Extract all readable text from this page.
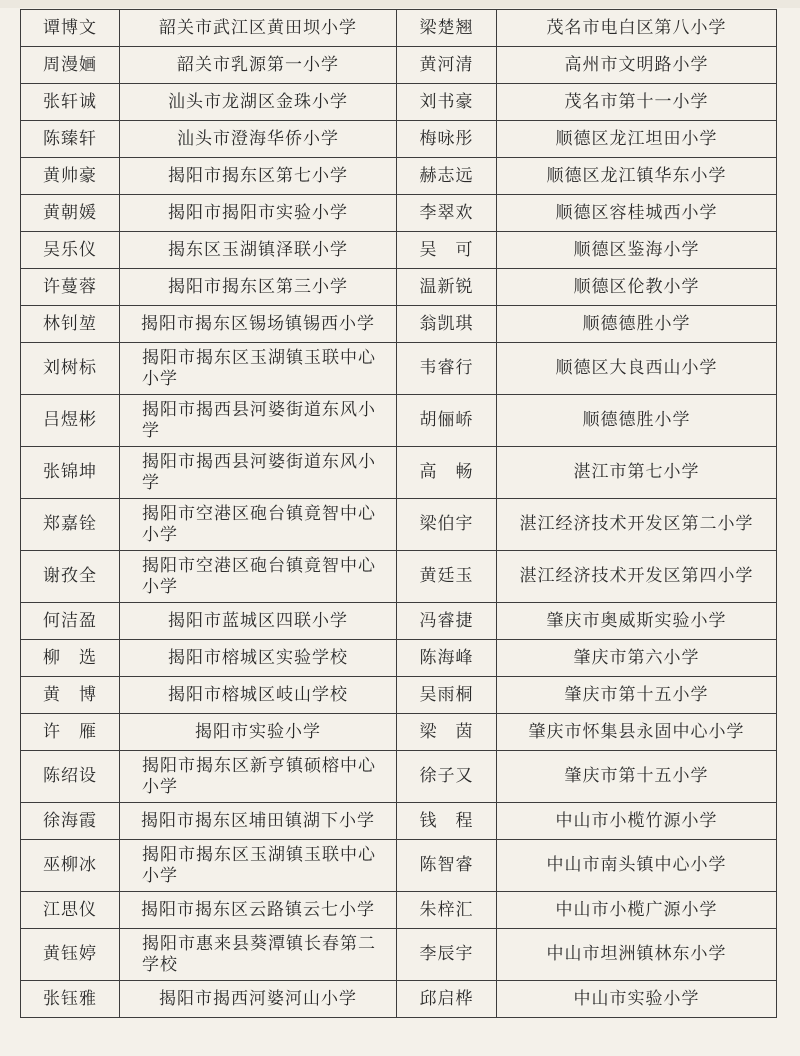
谭博文	韶关市武江区黄田坝小学	梁楚翘	茂名市电白区第八小学
周漫婳	韶关市乳源第一小学	黄河清	高州市文明路小学
张轩诚	汕头市龙湖区金珠小学	刘书豪	茂名市第十一小学
陈臻轩	汕头市澄海华侨小学	梅咏彤	顺德区龙江坦田小学
黄帅豪	揭阳市揭东区第七小学	赫志远	顺德区龙江镇华东小学
黄朝媛	揭阳市揭阳市实验小学	李翠欢	顺德区容桂城西小学
吴乐仪	揭东区玉湖镇泽联小学	吴　可	顺德区鉴海小学
许蔓蓉	揭阳市揭东区第三小学	温新锐	顺德区伦教小学
林钊堃	揭阳市揭东区锡场镇锡西小学	翁凯琪	顺德德胜小学
刘树标	揭阳市揭东区玉湖镇玉联中心小学	韦睿行	顺德区大良西山小学
吕煜彬	揭阳市揭西县河婆街道东风小学	胡俪峤	顺德德胜小学
张锦坤	揭阳市揭西县河婆街道东风小学	高　畅	湛江市第七小学
郑嘉铨	揭阳市空港区砲台镇竟智中心小学	梁伯宇	湛江经济技术开发区第二小学
谢孜全	揭阳市空港区砲台镇竟智中心小学	黄廷玉	湛江经济技术开发区第四小学
何洁盈	揭阳市蓝城区四联小学	冯睿捷	肇庆市奥威斯实验小学
柳　选	揭阳市榕城区实验学校	陈海峰	肇庆市第六小学
黄　博	揭阳市榕城区岐山学校	吴雨桐	肇庆市第十五小学
许　雁	揭阳市实验小学	梁　茵	肇庆市怀集县永固中心小学
陈绍设	揭阳市揭东区新亨镇硕榕中心小学	徐子又	肇庆市第十五小学
徐海霞	揭阳市揭东区埔田镇湖下小学	钱　程	中山市小榄竹源小学
巫柳冰	揭阳市揭东区玉湖镇玉联中心小学	陈智睿	中山市南头镇中心小学
江思仪	揭阳市揭东区云路镇云七小学	朱梓汇	中山市小榄广源小学
黄钰婷	揭阳市惠来县葵潭镇长春第二学校	李辰宇	中山市坦洲镇林东小学
张钰雅	揭阳市揭西河婆河山小学	邱启桦	中山市实验小学
